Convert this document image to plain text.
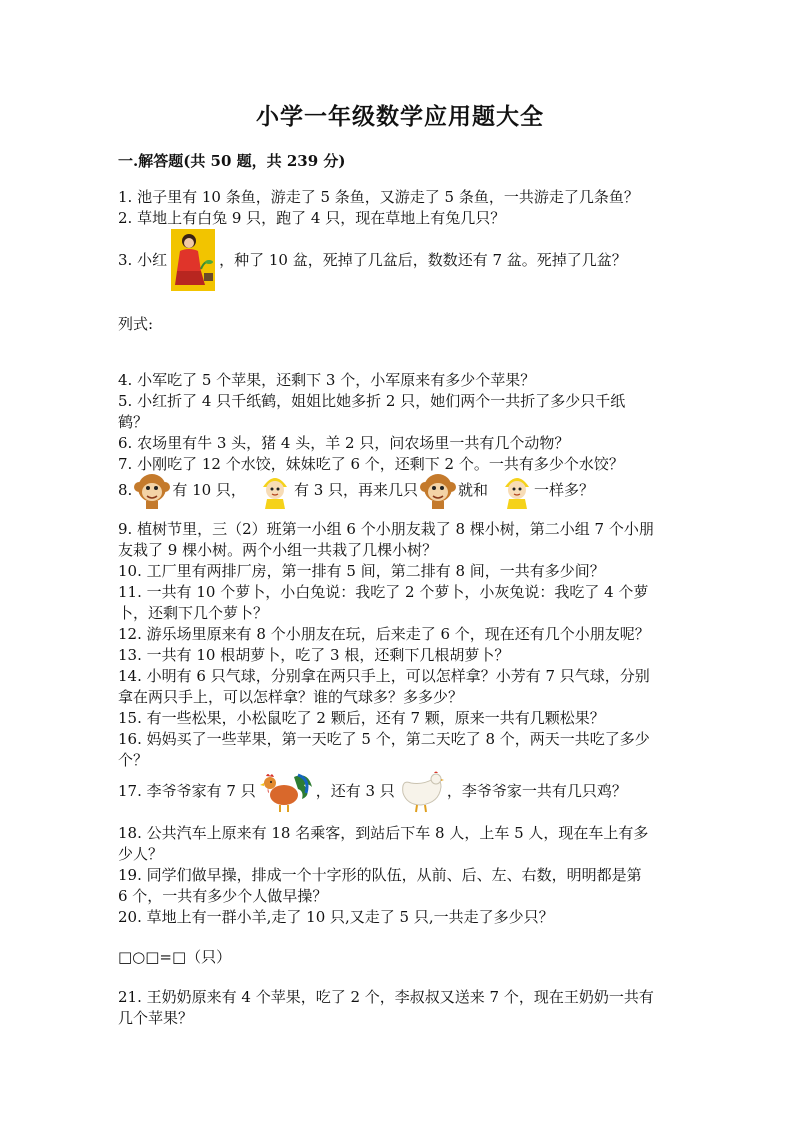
小学一年级数学应用题大全
一.解答题(共 50 题，共 239 分)
1. 池子里有 10 条鱼，游走了 5 条鱼，又游走了 5 条鱼，一共游走了几条鱼？
2. 草地上有白兔 9 只，跑了 4 只，现在草地上有兔几只？
3. 小红	，种了 10 盆，死掉了几盆后，数数还有 7 盆。死掉了几盆？
列式:
4. 小军吃了 5 个苹果，还剩下 3 个，小军原来有多少个苹果？
5. 小红折了 4 只千纸鹤，姐姐比她多折 2 只，她们两个一共折了多少只千纸
鹤？
6. 农场里有牛 3 头，猪 4 头，羊 2 只，问农场里一共有几个动物？
7. 小刚吃了 12 个水饺，妹妹吃了 6 个，还剩下 2 个。一共有多少个水饺？
8.	有 10 只，	有 3 只，再来几只	就和	一样多？
9. 植树节里，三（2）班第一小组 6 个小朋友栽了 8 棵小树，第二小组 7 个小朋
友栽了 9 棵小树。两个小组一共栽了几棵小树？
10. 工厂里有两排厂房，第一排有 5 间，第二排有 8 间，一共有多少间？
11. 一共有 10 个萝卜，小白兔说：我吃了 2 个萝卜，小灰兔说：我吃了 4 个萝
卜，还剩下几个萝卜？
12. 游乐场里原来有 8 个小朋友在玩，后来走了 6 个，现在还有几个小朋友呢？
13. 一共有 10 根胡萝卜，吃了 3 根，还剩下几根胡萝卜？
14. 小明有 6 只气球，分别拿在两只手上，可以怎样拿？小芳有 7 只气球，分别
拿在两只手上，可以怎样拿？谁的气球多？多多少？
15. 有一些松果，小松鼠吃了 2 颗后，还有 7 颗，原来一共有几颗松果？
16. 妈妈买了一些苹果，第一天吃了 5 个，第二天吃了 8 个，两天一共吃了多少
个？
17. 李爷爷家有 7 只	，还有 3 只	，李爷爷家一共有几只鸡？
18. 公共汽车上原来有 18 名乘客，到站后下车 8 人，上车 5 人，现在车上有多
少人？
19. 同学们做早操，排成一个十字形的队伍，从前、后、左、右数，明明都是第
6 个，一共有多少个人做早操？
20. 草地上有一群小羊,走了 10 只,又走了 5 只,一共走了多少只？
□○□=□（只）
21. 王奶奶原来有 4 个苹果，吃了 2 个，李叔叔又送来 7 个，现在王奶奶一共有
几个苹果？
